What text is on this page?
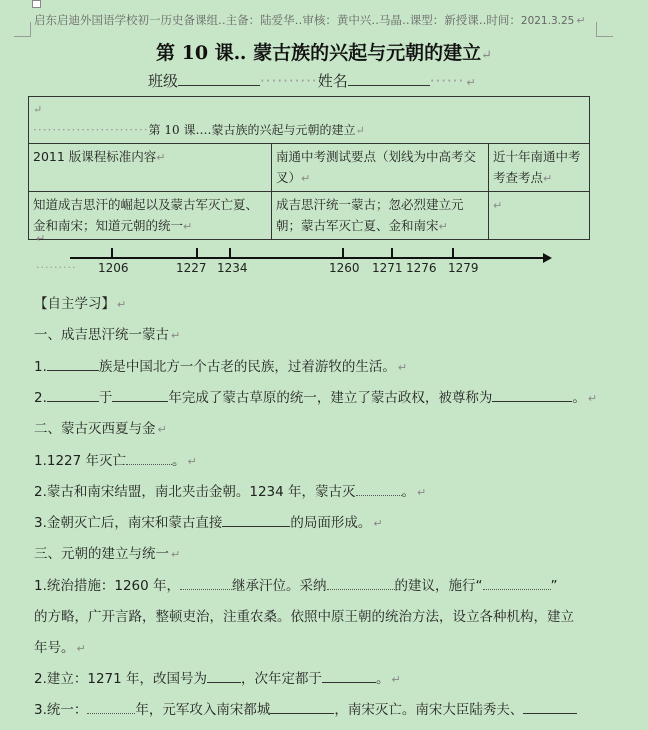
启东启迪外国语学校初一历史备课组‥主备：陆爱华‥审核：黄中兴‥马晶‥课型：新授课‥时间：2021.3.25 ↵
第 10 课‥ 蒙古族的兴起与元朝的建立↵
班级	··········姓名	······ ↵
↵
························第 10 课‥‥蒙古族的兴起与元朝的建立↵		

2011 版课程标准内容↵	南通中考测试要点（划线为中高考交叉）↵	近十年南通中考考查考点↵
知道成吉思汗的崛起以及蒙古军灭亡夏、金和南宋；知道元朝的统一↵	成吉思汗统一蒙古；忽必烈建立元朝；蒙古军灭亡夏、金和南宋↵	↵
↵
········· 1206	1227 1234	1260 1271 1276 1279
【自主学习】 ↵
一、成吉思汗统一蒙古 ↵
1.	族是中国北方一个古老的民族，过着游牧的生活。 ↵
2.	于	年完成了蒙古草原的统一，建立了蒙古政权，被尊称为	。 ↵
二、蒙古灭西夏与金 ↵
1.1227 年灭亡	。 ↵
2.蒙古和南宋结盟，南北夹击金朝。1234 年，蒙古灭	。 ↵
3.金朝灭亡后，南宋和蒙古直接	的局面形成。 ↵
三、元朝的建立与统一 ↵
1.统治措施：1260 年，	继承汗位。采纳	的建议，施行“	”
的方略，广开言路，整顿吏治，注重农桑。依照中原王朝的统治方法，设立各种机构，建立
年号。 ↵
2.建立：1271 年，改国号为	，次年定都于	。 ↵
3.统一：	年，元军攻入南宋都城	，南宋灭亡。南宋大臣陆秀夫、
